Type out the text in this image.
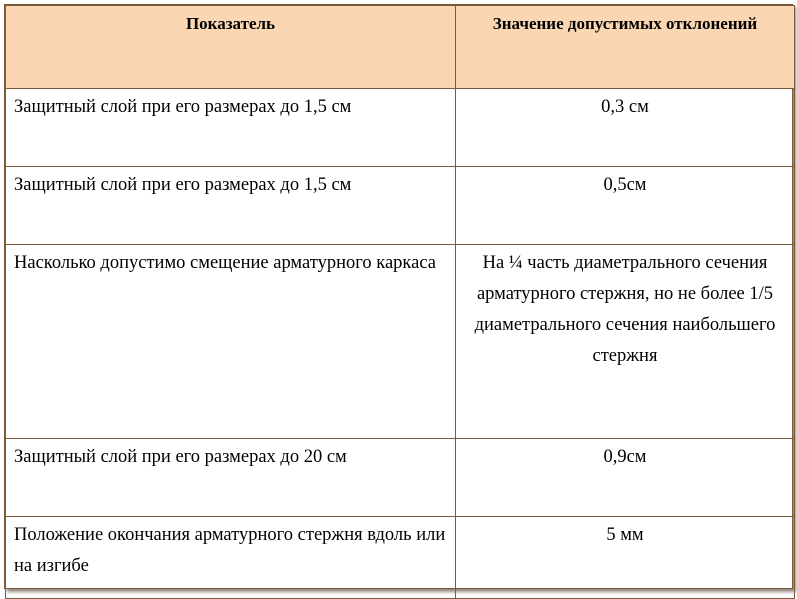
Показатель	Значение допустимых отклонений
Защитный слой при его размерах до 1,5 см	0,3 см
Защитный слой при его размерах до 1,5 см	0,5см
Насколько допустимо смещение арматурного каркаса	На ¼ часть диаметрального сечения арматурного стержня, но не более 1/5 диаметрального сечения наибольшего стержня
Защитный слой при его размерах до 20 см	0,9см
Положение окончания арматурного стержня вдоль или на изгибе	5 мм
